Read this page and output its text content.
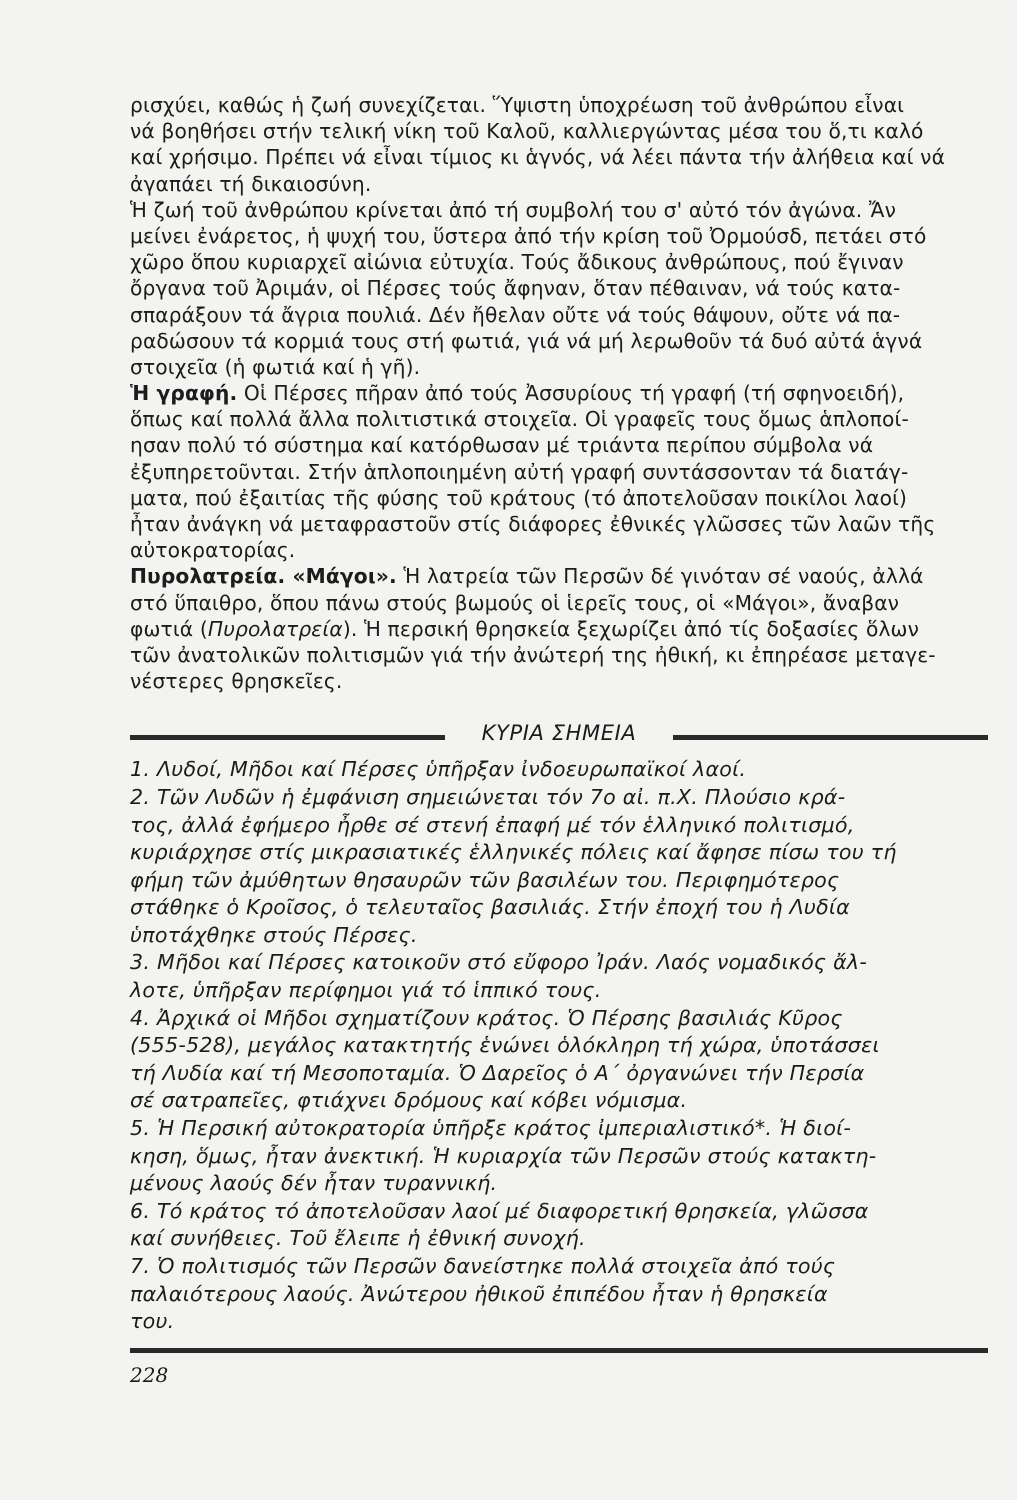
ρισχύει, καθώς ἡ ζωή συνεχίζεται. Ὕψιστη ὑποχρέωση τοῦ ἀνθρώπου εἶναι
νά βοηθήσει στήν τελική νίκη τοῦ Καλοῦ, καλλιεργώντας μέσα του ὅ,τι καλό
καί χρήσιμο. Πρέπει νά εἶναι τίμιος κι ἁγνός, νά λέει πάντα τήν ἀλήθεια καί νά
ἀγαπάει τή δικαιοσύνη.
Ἡ ζωή τοῦ ἀνθρώπου κρίνεται ἀπό τή συμβολή του σ' αὐτό τόν ἀγώνα. Ἄν
μείνει ἐνάρετος, ἡ ψυχή του, ὕστερα ἀπό τήν κρίση τοῦ Ὀρμούσδ, πετάει στό
χῶρο ὅπου κυριαρχεῖ αἰώνια εὐτυχία. Τούς ἄδικους ἀνθρώπους, πού ἔγιναν
ὄργανα τοῦ Ἀριμάν, οἱ Πέρσες τούς ἄφηναν, ὅταν πέθαιναν, νά τούς κατα-
σπαράξουν τά ἄγρια πουλιά. Δέν ἤθελαν οὔτε νά τούς θάψουν, οὔτε νά πα-
ραδώσουν τά κορμιά τους στή φωτιά, γιά νά μή λερωθοῦν τά δυό αὐτά ἁγνά
στοιχεῖα (ἡ φωτιά καί ἡ γῆ).
Ἡ γραφή. Οἱ Πέρσες πῆραν ἀπό τούς Ἀσσυρίους τή γραφή (τή σφηνοειδή),
ὅπως καί πολλά ἄλλα πολιτιστικά στοιχεῖα. Οἱ γραφεῖς τους ὅμως ἁπλοποί-
ησαν πολύ τό σύστημα καί κατόρθωσαν μέ τριάντα περίπου σύμβολα νά
ἐξυπηρετοῦνται. Στήν ἁπλοποιημένη αὐτή γραφή συντάσσονταν τά διατάγ-
ματα, πού ἐξαιτίας τῆς φύσης τοῦ κράτους (τό ἀποτελοῦσαν ποικίλοι λαοί)
ἦταν ἀνάγκη νά μεταφραστοῦν στίς διάφορες ἐθνικές γλῶσσες τῶν λαῶν τῆς
αὐτοκρατορίας.
Πυρολατρεία. «Μάγοι». Ἡ λατρεία τῶν Περσῶν δέ γινόταν σέ ναούς, ἀλλά
στό ὕπαιθρο, ὅπου πάνω στούς βωμούς οἱ ἱερεῖς τους, οἱ «Μάγοι», ἄναβαν
φωτιά (Πυρολατρεία). Ἡ περσική θρησκεία ξεχωρίζει ἀπό τίς δοξασίες ὅλων
τῶν ἀνατολικῶν πολιτισμῶν γιά τήν ἀνώτερή της ἠθική, κι ἐπηρέασε μεταγε-
νέστερες θρησκεῖες.
ΚΥΡΙΑ ΣΗΜΕΙΑ
1. Λυδοί, Μῆδοι καί Πέρσες ὑπῆρξαν ἰνδοευρωπαϊκοί λαοί.
2. Τῶν Λυδῶν ἡ ἐμφάνιση σημειώνεται τόν 7ο αἰ. π.Χ. Πλούσιο κρά-
τος, ἀλλά ἐφήμερο ἦρθε σέ στενή ἐπαφή μέ τόν ἑλληνικό πολιτισμό,
κυριάρχησε στίς μικρασιατικές ἑλληνικές πόλεις καί ἄφησε πίσω του τή
φήμη τῶν ἀμύθητων θησαυρῶν τῶν βασιλέων του. Περιφημότερος
στάθηκε ὁ Κροῖσος, ὁ τελευταῖος βασιλιάς. Στήν ἐποχή του ἡ Λυδία
ὑποτάχθηκε στούς Πέρσες.
3. Μῆδοι καί Πέρσες κατοικοῦν στό εὔφορο Ἰράν. Λαός νομαδικός ἄλ-
λοτε, ὑπῆρξαν περίφημοι γιά τό ἱππικό τους.
4. Ἀρχικά οἱ Μῆδοι σχηματίζουν κράτος. Ὁ Πέρσης βασιλιάς Κῦρος
(555-528), μεγάλος κατακτητής ἑνώνει ὁλόκληρη τή χώρα, ὑποτάσσει
τή Λυδία καί τή Μεσοποταμία. Ὁ Δαρεῖος ὁ Α΄ ὀργανώνει τήν Περσία
σέ σατραπεῖες, φτιάχνει δρόμους καί κόβει νόμισμα.
5. Ἡ Περσική αὐτοκρατορία ὑπῆρξε κράτος ἰμπεριαλιστικό*. Ἡ διοί-
κηση, ὅμως, ἦταν ἀνεκτική. Ἡ κυριαρχία τῶν Περσῶν στούς κατακτη-
μένους λαούς δέν ἦταν τυραννική.
6. Τό κράτος τό ἀποτελοῦσαν λαοί μέ διαφορετική θρησκεία, γλῶσσα
καί συνήθειες. Τοῦ ἔλειπε ἡ ἐθνική συνοχή.
7. Ὁ πολιτισμός τῶν Περσῶν δανείστηκε πολλά στοιχεῖα ἀπό τούς
παλαιότερους λαούς. Ἀνώτερου ἠθικοῦ ἐπιπέδου ἦταν ἡ θρησκεία
του.
228
